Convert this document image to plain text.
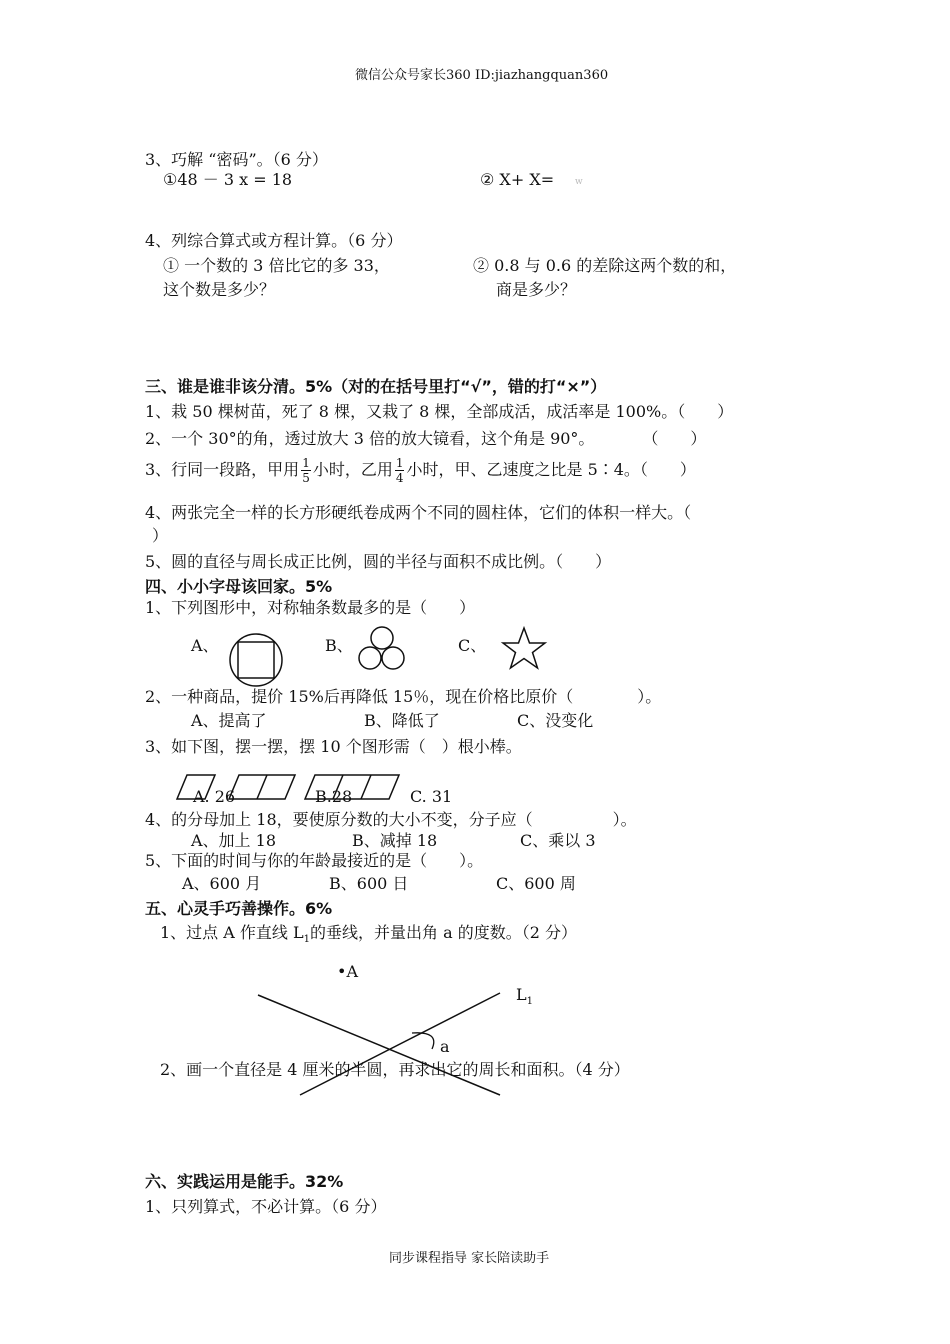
微信公众号家长360 ID:jiazhangquan360
3、巧解 “密码”。（6 分）
①48 － 3 x = 18	② X+ X= w
4、列综合算式或方程计算。（6 分）
① 一个数的 3 倍比它的多 33，
这个数是多少？
② 0.8 与 0.6 的差除这两个数的和，
商是多少？
三、谁是谁非该分清。5%（对的在括号里打“√”，错的打“×”）
1、栽 50 棵树苗，死了 8 棵，又栽了 8 棵，全部成活，成活率是 100%。（　　）
2、一个 30°的角，透过放大 3 倍的放大镜看，这个角是 90°。　　　　（　　）
3、行同一段路，甲用 $\frac{1}{5}$ 小时，乙用 $\frac{1}{4}$ 小时，甲、乙速度之比是 5∶4。（　　）
4、两张完全一样的长方形硬纸卷成两个不同的圆柱体，它们的体积一样大。（
）
5、圆的直径与周长成正比例，圆的半径与面积不成比例。（　　）
四、小小字母该回家。5%
1、下列图形中，对称轴条数最多的是（　　）
A、	B、	C、
2、一种商品，提价 15%后再降低 15％，现在价格比原价（　　　　）。
A、提高了	B、降低了	C、没变化
3、如下图，摆一摆，摆 10 个图形需（　）根小棒。
A. 26	B.28	C. 31
4、的分母加上 18，要使原分数的大小不变，分子应（　　　　　）。
A、加上 18	B、减掉 18	C、乘以 3
5、下面的时间与你的年龄最接近的是（　　）。
A、600 月	B、600 日	C、600 周
五、心灵手巧善操作。6%
1、过点 A 作直线 $L_1$的垂线，并量出角 a 的度数。（2 分）
•A
$L_1$
a
2、画一个直径是 4 厘米的半圆，再求出它的周长和面积。（4 分）
六、实践运用是能手。32%
1、只列算式，不必计算。（6 分）
同步课程指导 家长陪读助手
